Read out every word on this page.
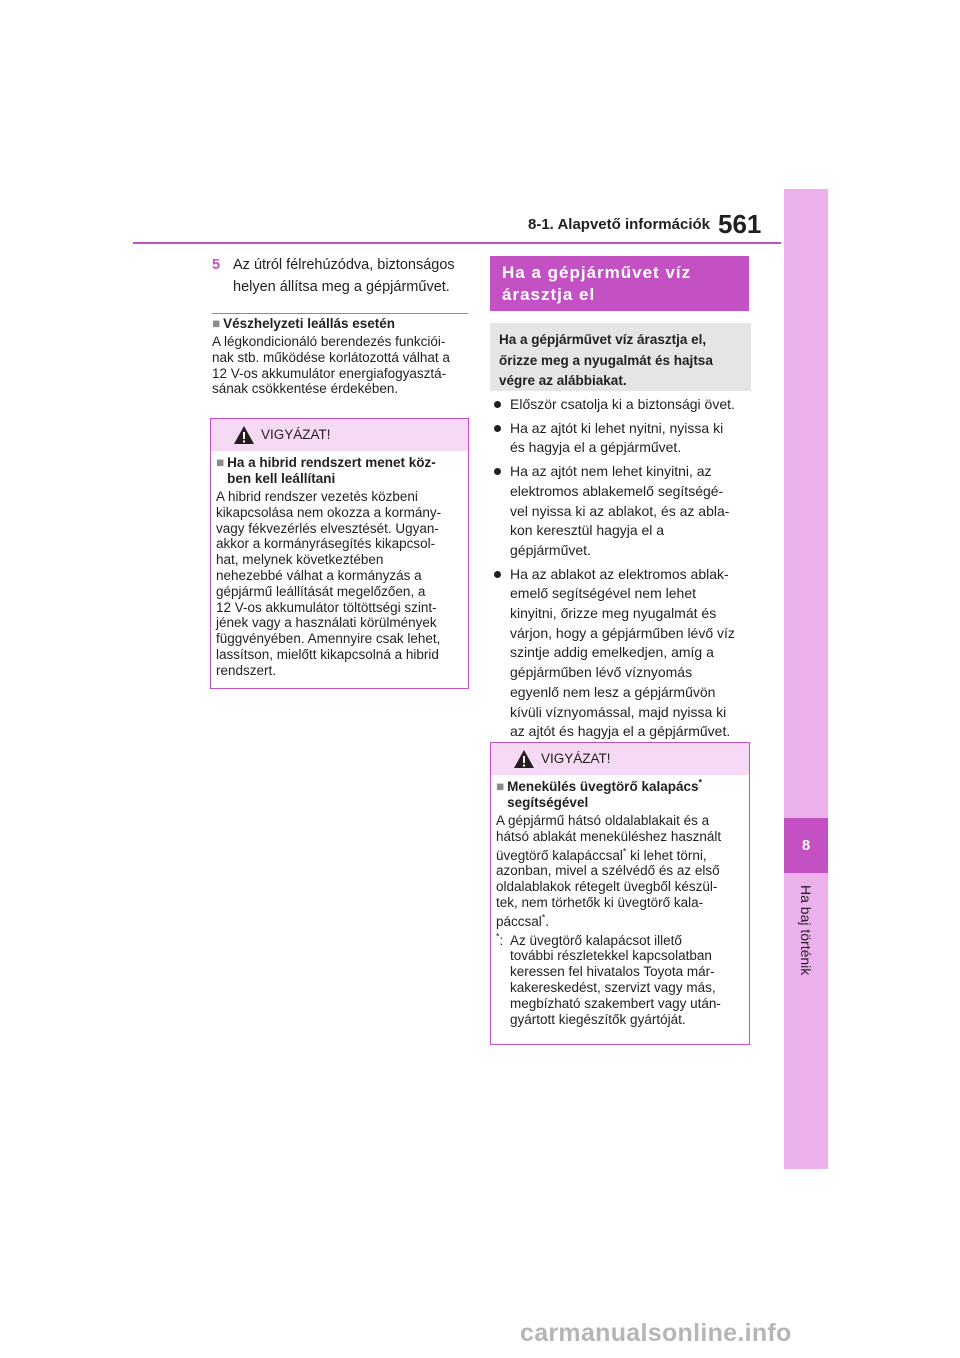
8-1. Alapvető információk 561
8
Ha baj történik
5 Az útról félrehúzódva, biztonságos helyen állítsa meg a gépjárművet.
■ Vészhelyzeti leállás esetén
A légkondicionáló berendezés funkciói-
nak stb. működése korlátozottá válhat a
12 V-os akkumulátor energiafogyasztá-
sának csökkentése érdekében.
VIGYÁZAT!
■ Ha a hibrid rendszert menet köz-
ben kell leállítani
A hibrid rendszer vezetés közbeni
kikapcsolása nem okozza a kormány-
vagy fékvezérlés elvesztését. Ugyan-
akkor a kormányrásegítés kikapcsol-
hat, melynek következtében
nehezebbé válhat a kormányzás a
gépjármű leállítását megelőzően, a
12 V-os akkumulátor töltöttségi szint-
jének vagy a használati körülmények
függvényében. Amennyire csak lehet,
lassítson, mielőtt kikapcsolná a hibrid
rendszert.
Ha a gépjárművet víz
árasztja el
Ha a gépjárművet víz árasztja el,
őrizze meg a nyugalmát és hajtsa
végre az alábbiakat.
Először csatolja ki a biztonsági övet.
Ha az ajtót ki lehet nyitni, nyissa ki
és hagyja el a gépjárművet.
Ha az ajtót nem lehet kinyitni, az
elektromos ablakemelő segítségé-
vel nyissa ki az ablakot, és az abla-
kon keresztül hagyja el a
gépjárművet.
Ha az ablakot az elektromos ablak-
emelő segítségével nem lehet
kinyitni, őrizze meg nyugalmát és
várjon, hogy a gépjárműben lévő víz
szintje addig emelkedjen, amíg a
gépjárműben lévő víznyomás
egyenlő nem lesz a gépjárművön
kívüli víznyomással, majd nyissa ki
az ajtót és hagyja el a gépjárművet.
VIGYÁZAT!
■ Menekülés üvegtörő kalapács*
segítségével
A gépjármű hátsó oldalablakait és a
hátsó ablakát meneküléshez használt
üvegtörő kalapáccsal* ki lehet törni,
azonban, mivel a szélvédő és az első
oldalablakok rétegelt üvegből készül-
tek, nem törhetők ki üvegtörő kala-
páccsal*.
*: Az üvegtörő kalapácsot illető
további részletekkel kapcsolatban
keressen fel hivatalos Toyota már-
kakereskedést, szervizt vagy más,
megbízható szakembert vagy után-
gyártott kiegészítők gyártóját.
carmanualsonline.info
